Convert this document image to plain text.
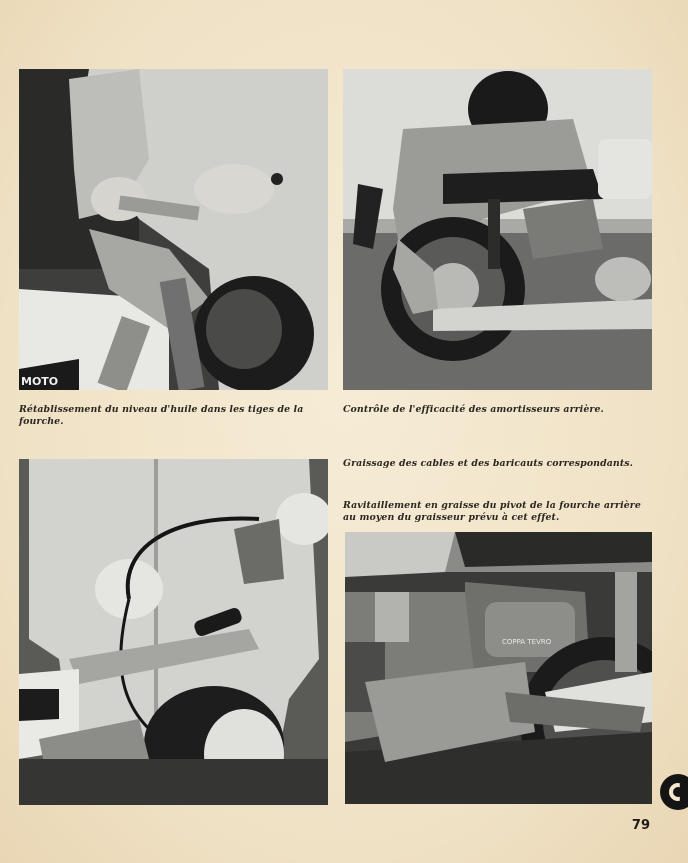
MOTO

Rétablissement du niveau d'huile dans les tiges de la fourche.

Contrôle de l'efficacité des amortisseurs arrière.

Graissage des cables et des baricauts correspondants.

Ravitaillement en graisse du pivot de la fourche arrière au moyen du graisseur prévu à cet effet.

COPPA TEVRO
79
